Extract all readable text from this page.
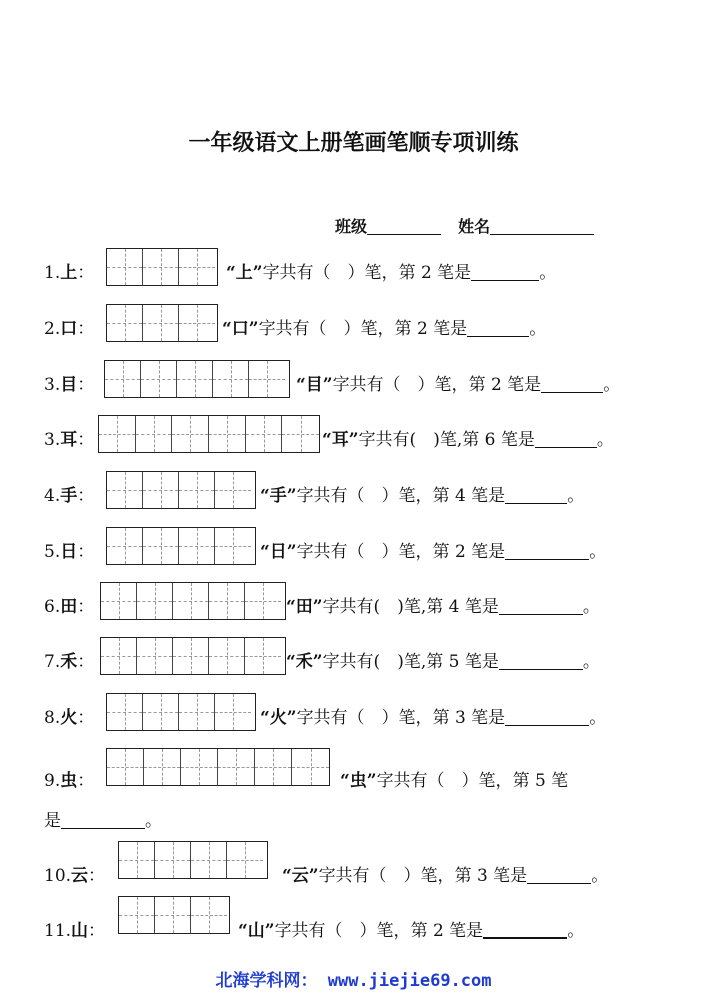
一年级语文上册笔画笔顺专项训练
班级	姓名
1.上：	“上”字共有（　）笔，第 2 笔是	。
2.口：	“口”字共有（　）笔，第 2 笔是	。
3.目：	“目”字共有（　）笔，第 2 笔是	。
3.耳：	“耳”字共有(　)笔,第 6 笔是	。
4.手：	“手”字共有（　）笔，第 4 笔是	。
5.日：	“日”字共有（　）笔，第 2 笔是	。
6.田：	“田”字共有(　)笔,第 4 笔是	。
7.禾：	“禾”字共有(　)笔,第 5 笔是	。
8.火：	“火”字共有（　）笔，第 3 笔是	。
9.虫：	“虫”字共有（　）笔，第 5 笔
是	。
10.云：	“云”字共有（　）笔，第 3 笔是	。
11.山：	“山”字共有（　）笔，第 2 笔是	。
北海学科网： www.jiejie69.com
